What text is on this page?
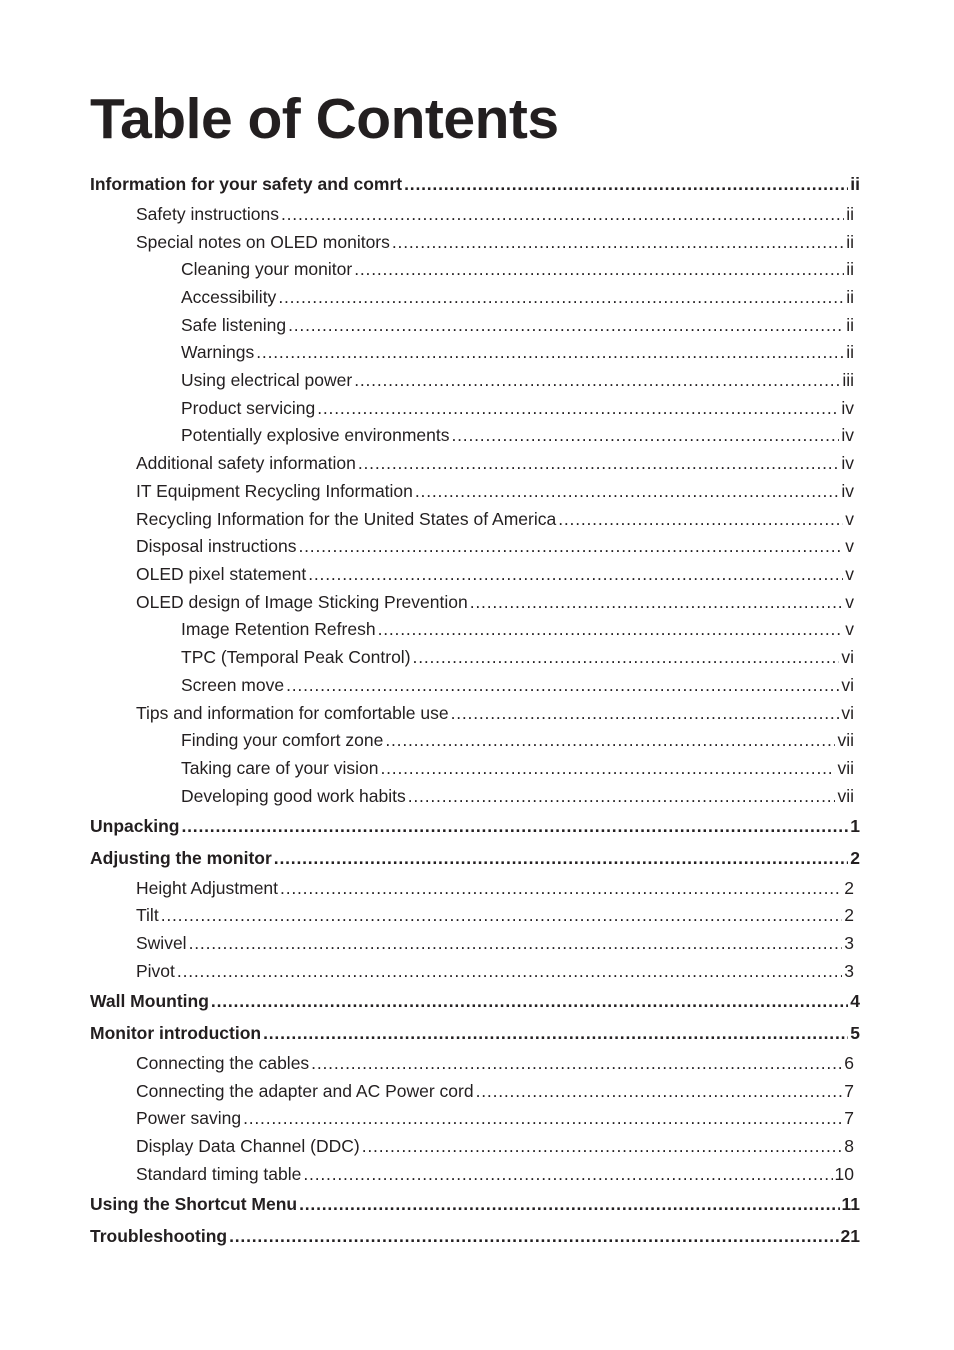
Table of Contents
Information for your safety and comrt .....	ii
Safety instructions .....	ii
Special notes on OLED monitors .....	ii
Cleaning your monitor .....	ii
Accessibility .....	ii
Safe listening .....	ii
Warnings .....	ii
Using electrical power .....	iii
Product servicing .....	iv
Potentially explosive environments .....	iv
Additional safety information .....	iv
IT Equipment Recycling Information .....	iv
Recycling Information for the United States of America .....	v
Disposal instructions .....	v
OLED pixel statement .....	v
OLED design of Image Sticking Prevention .....	v
Image Retention Refresh .....	v
TPC (Temporal Peak Control) .....	vi
Screen move .....	vi
Tips and information for comfortable use .....	vi
Finding your comfort zone .....	vii
Taking care of your vision .....	vii
Developing good work habits .....	vii
Unpacking .....	1
Adjusting the monitor .....	2
Height Adjustment .....	2
Tilt .....	2
Swivel .....	3
Pivot .....	3
Wall Mounting .....	4
Monitor introduction .....	5
Connecting the cables .....	6
Connecting the adapter and AC Power cord .....	7
Power saving .....	7
Display Data Channel (DDC) .....	8
Standard timing table .....	10
Using the Shortcut Menu .....	11
Troubleshooting .....	21
